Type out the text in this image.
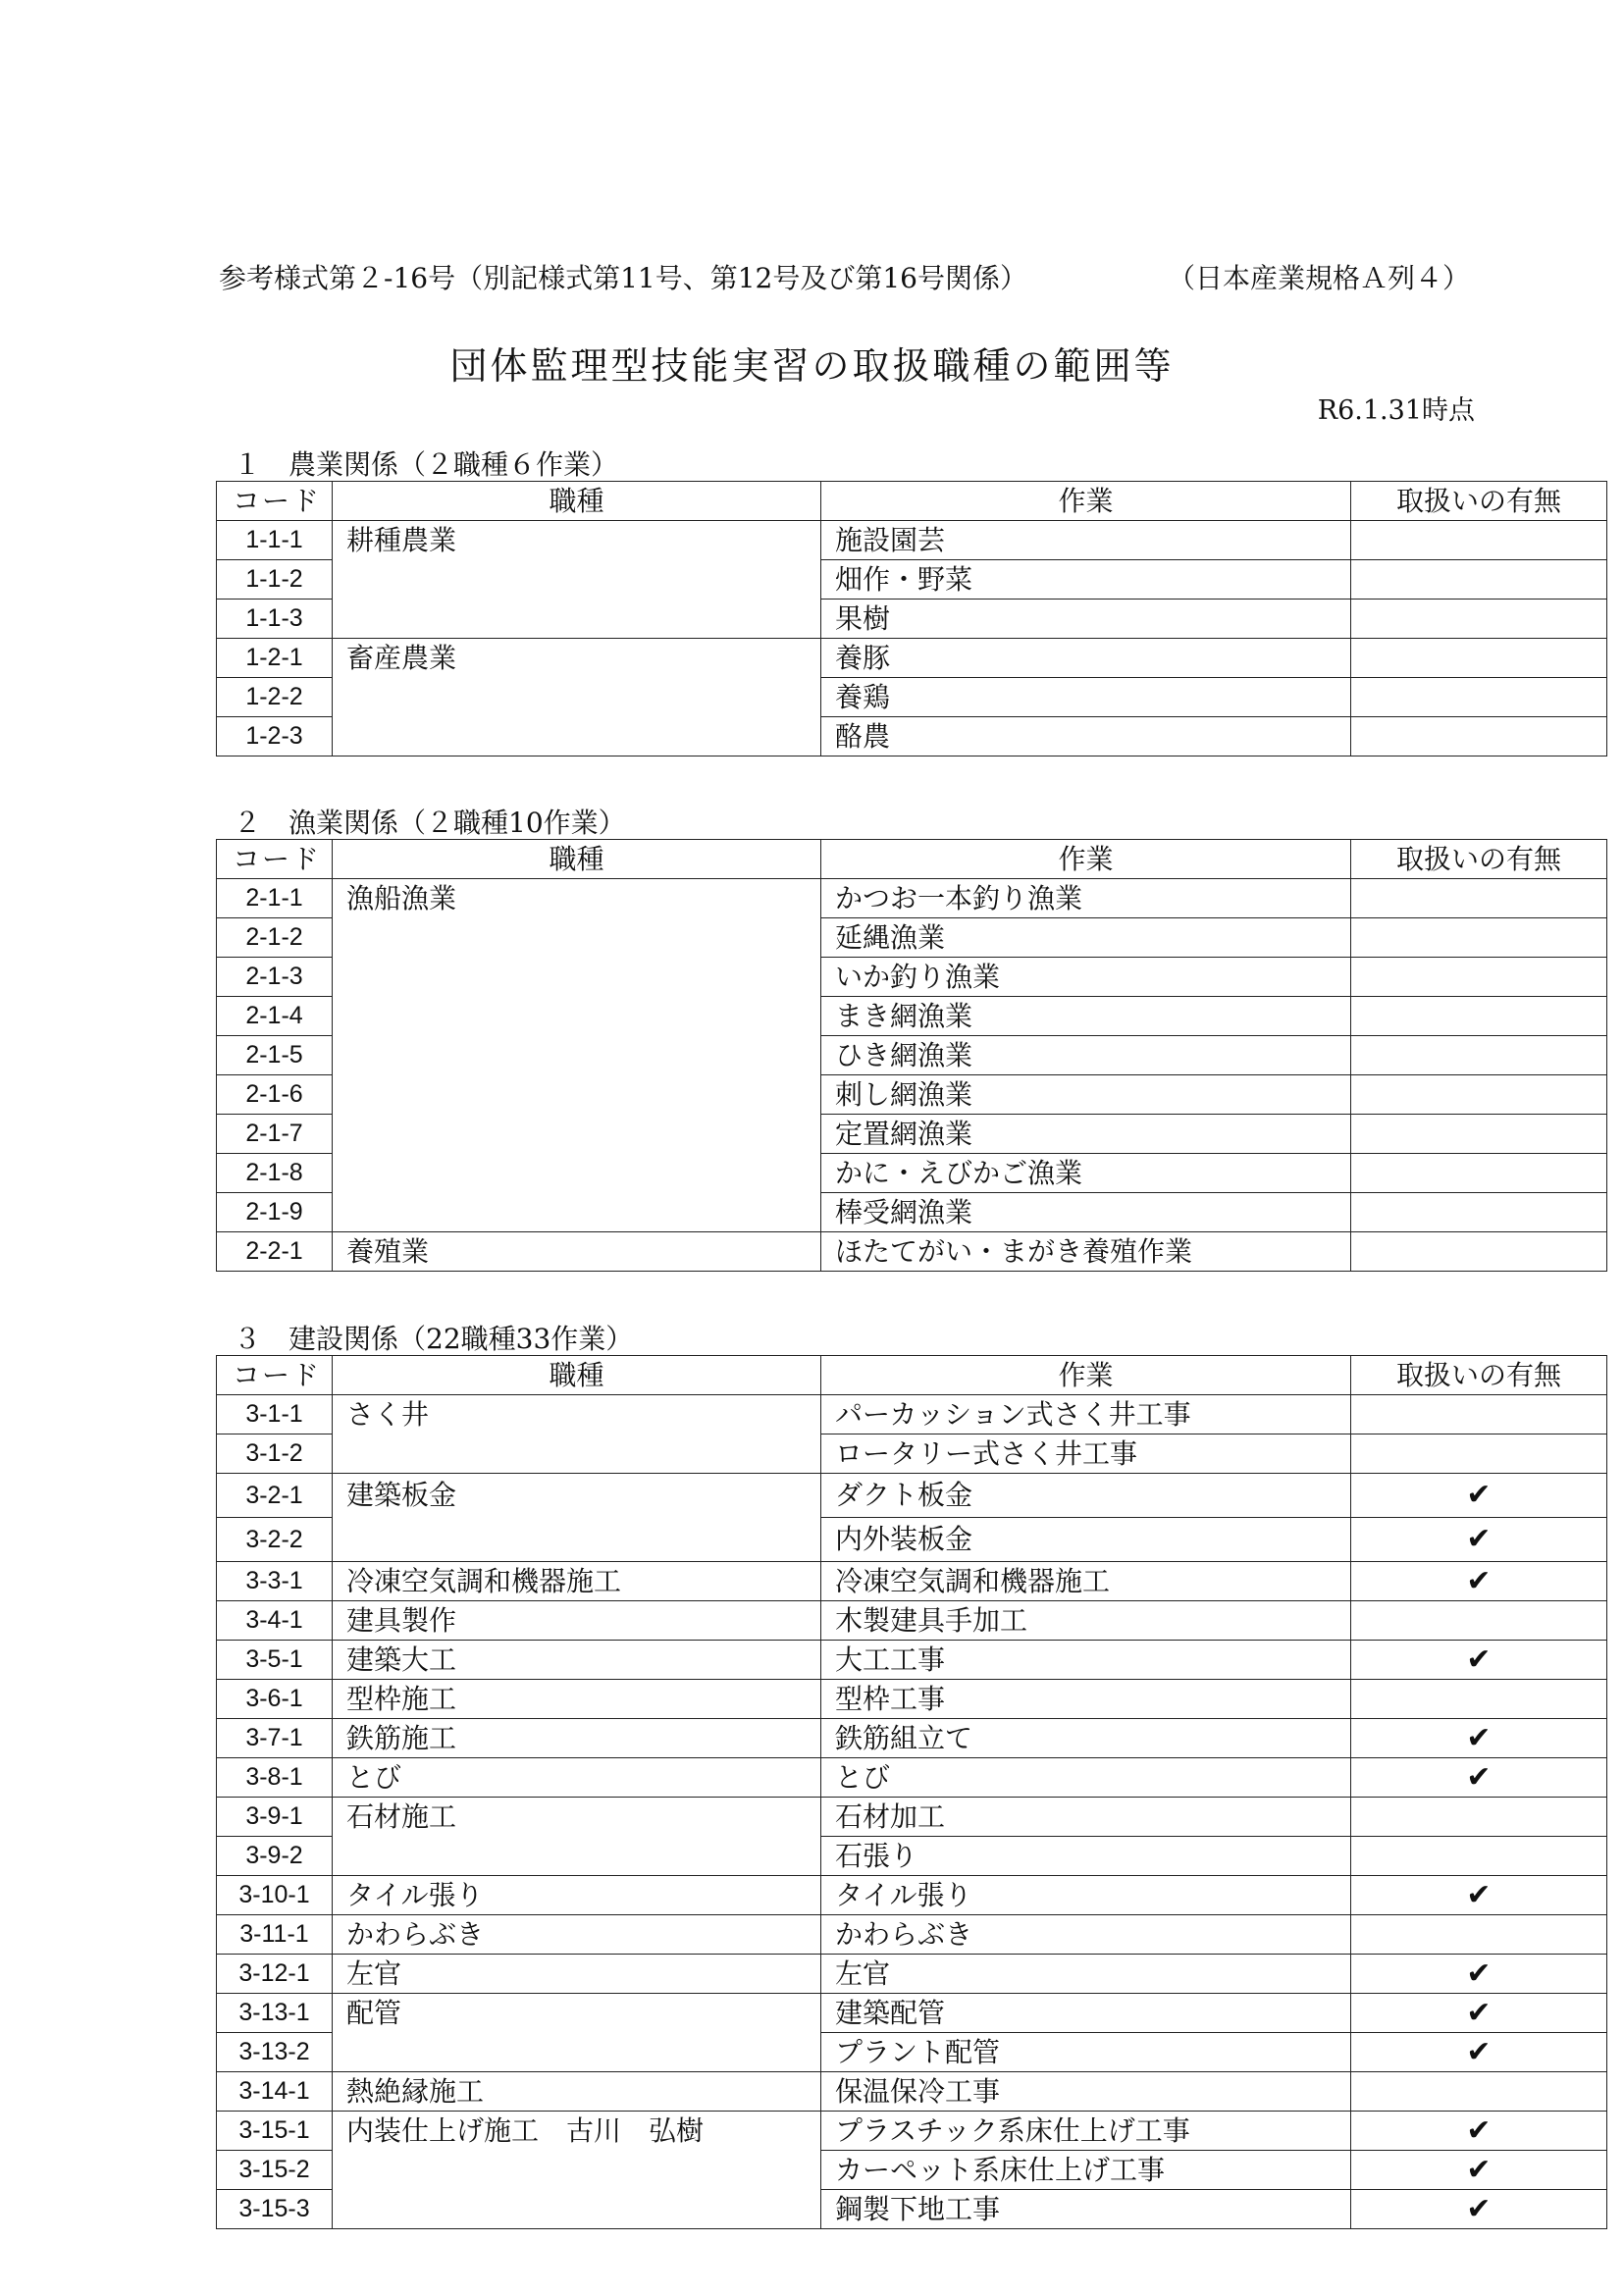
参考様式第２-16号（別記様式第11号、第12号及び第16号関係）	（日本産業規格Ａ列４）
団体監理型技能実習の取扱職種の範囲等
R6.1.31時点
１　農業関係（２職種６作業）
コード	職種	作業	取扱いの有無
1-1-1	耕種農業	施設園芸	
1-1-2		畑作・野菜	
1-1-3		果樹	
1-2-1	畜産農業	養豚	
1-2-2		養鶏	
1-2-3		酪農	
２　漁業関係（２職種10作業）
コード	職種	作業	取扱いの有無
2-1-1	漁船漁業	かつお一本釣り漁業	
2-1-2		延縄漁業	
2-1-3		いか釣り漁業	
2-1-4		まき網漁業	
2-1-5		ひき網漁業	
2-1-6		刺し網漁業	
2-1-7		定置網漁業	
2-1-8		かに・えびかご漁業	
2-1-9		棒受網漁業	
2-2-1	養殖業	ほたてがい・まがき養殖作業	
３　建設関係（22職種33作業）
コード	職種	作業	取扱いの有無
3-1-1	さく井	パーカッション式さく井工事	
3-1-2		ロータリー式さく井工事	
3-2-1	建築板金	ダクト板金	✔
3-2-2		内外装板金	✔
3-3-1	冷凍空気調和機器施工	冷凍空気調和機器施工	✔
3-4-1	建具製作	木製建具手加工	
3-5-1	建築大工	大工工事	✔
3-6-1	型枠施工	型枠工事	
3-7-1	鉄筋施工	鉄筋組立て	✔
3-8-1	とび	とび	✔
3-9-1	石材施工	石材加工	
3-9-2		石張り	
3-10-1	タイル張り	タイル張り	✔
3-11-1	かわらぶき	かわらぶき	
3-12-1	左官	左官	✔
3-13-1	配管	建築配管	✔
3-13-2		プラント配管	✔
3-14-1	熱絶縁施工	保温保冷工事	
3-15-1	内装仕上げ施工　古川　弘樹	プラスチック系床仕上げ工事	✔
3-15-2		カーペット系床仕上げ工事	✔
3-15-3		鋼製下地工事	✔
